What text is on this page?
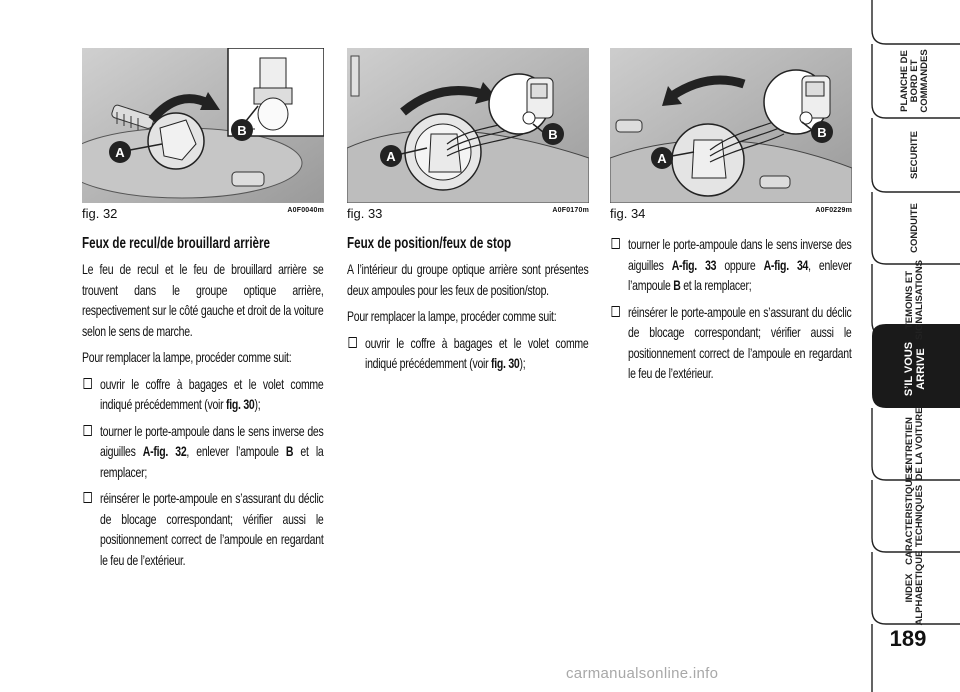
B
A
fig. 32	A0F0040m
B
A
fig. 33	A0F0170m
B
A
fig. 34	A0F0229m
Feux de recul/de brouillard arrière

Le feu de recul et le feu de brouillard arrière se trouvent dans le groupe optique arrière, respectivement sur le côté gauche et droit de la voiture selon le sens de marche.

Pour remplacer la lampe, procéder comme suit:

ouvrir le coffre à bagages et le volet comme indiqué précédemment (voir fig. 30);
tourner le porte-ampoule dans le sens inverse des aiguilles A-fig. 32, enlever l’ampoule B et la remplacer;
réinsérer le porte-ampoule en s’assurant du déclic de blocage correspondant; vérifier aussi le positionnement correct de l’ampoule en regardant le feu de l’extérieur.
Feux de position/feux de stop

A l’intérieur du groupe optique arrière sont présentes deux ampoules pour les feux de position/stop.

Pour remplacer la lampe, procéder comme suit:

ouvrir le coffre à bagages et le volet comme indiqué précédemment (voir fig. 30);
tourner le porte-ampoule dans le sens inverse des aiguilles A-fig. 33 oppure A-fig. 34, enlever l’ampoule B et la remplacer;
réinsérer le porte-ampoule en s’assurant du déclic de blocage correspondant; vérifier aussi le positionnement correct de l’ampoule en regardant le feu de l’extérieur.
PLANCHE DE BORD ET COMMANDES
SECURITE
CONDUITE
TEMOINS ET SIGNALISATIONS
S’IL VOUS ARRIVE
ENTRETIEN DE LA VOITURE
CARACTERISTIQUES TECHNIQUES
INDEX ALPHABETIQUE
189
carmanualsonline.info
